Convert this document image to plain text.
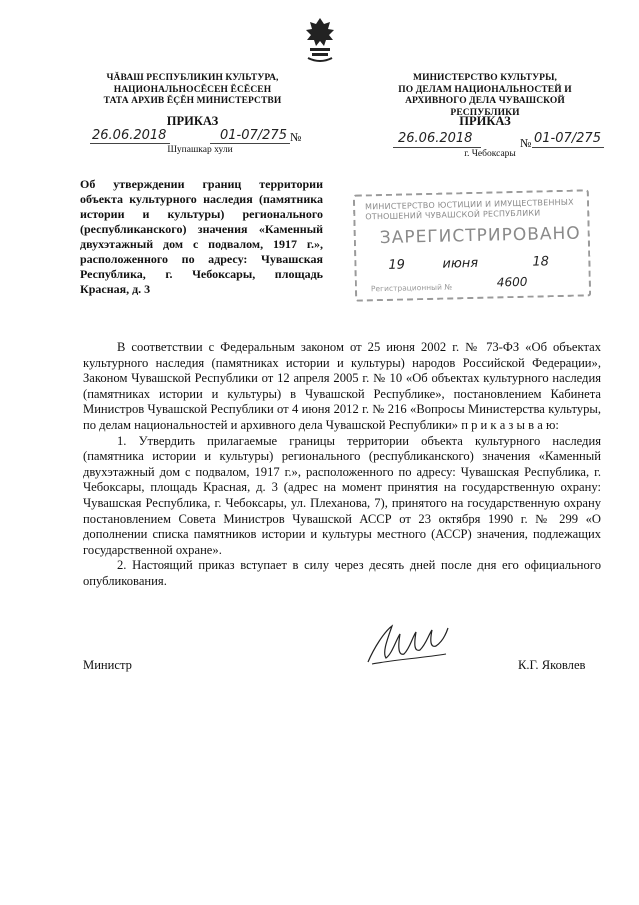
ЧĂВАШ РЕСПУБЛИКИН КУЛЬТУРА,
НАЦИОНАЛЬНОСĔСЕН ĔСĔСЕН
ТАТА АРХИВ ĔÇĔН МИНИСТЕРСТВИ
ПРИКАЗ
26.06.2018	01-07/275 №
Шупашкар хули
МИНИСТЕРСТВО КУЛЬТУРЫ,
ПО ДЕЛАМ НАЦИОНАЛЬНОСТЕЙ И
АРХИВНОГО ДЕЛА ЧУВАШСКОЙ РЕСПУБЛИКИ
ПРИКАЗ
26.06.2018	№ 01-07/275
г. Чебоксары
Об утверждении границ территории объекта культурного наследия (памятника истории и культуры) регионального (республиканского) значения «Каменный двухэтажный дом с подвалом, 1917 г.», расположенного по адресу: Чувашская Республика, г. Чебоксары, площадь Красная, д. 3
МИНИСТЕРСТВО ЮСТИЦИИ И ИМУЩЕСТВЕННЫХ ОТНОШЕНИЙ ЧУВАШСКОЙ РЕСПУБЛИКИ
ЗАРЕГИСТРИРОВАНО
19	июня	18
Регистрационный №	4600

В соответствии с Федеральным законом от 25 июня 2002 г. № 73-ФЗ «Об объектах культурного наследия (памятниках истории и культуры) народов Российской Федерации», Законом Чувашской Республики от 12 апреля 2005 г. № 10 «Об объектах культурного наследия (памятниках истории и культуры) в Чувашской Республике», постановлением Кабинета Министров Чувашской Республики от 4 июня 2012 г. № 216 «Вопросы Министерства культуры, по делам национальностей и архивного дела Чувашской Республики» п р и к а з ы в а ю:

1. Утвердить прилагаемые границы территории объекта культурного наследия (памятника истории и культуры) регионального (республиканского) значения «Каменный двухэтажный дом с подвалом, 1917 г.», расположенного по адресу: Чувашская Республика, г. Чебоксары, площадь Красная, д. 3 (адрес на момент принятия на государственную охрану: Чувашская Республика, г. Чебоксары, ул. Плеханова, 7), принятого на государственную охрану постановлением Совета Министров Чувашской АССР от 23 октября 1990 г. № 299 «О дополнении списка памятников истории и культуры местного (АССР) значения, подлежащих государственной охране».

2. Настоящий приказ вступает в силу через десять дней после дня его официального опубликования.

Министр	К.Г. Яковлев
